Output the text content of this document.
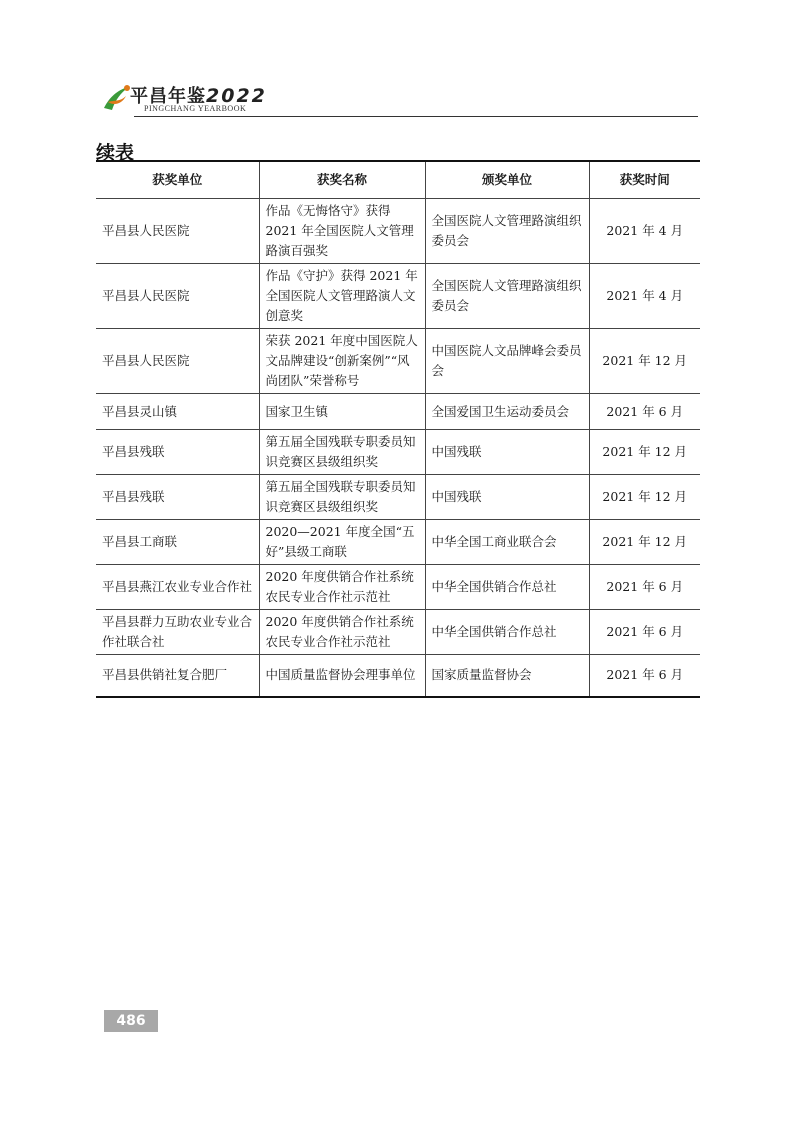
平昌年鉴2022
PINGCHANG YEARBOOK
续表
获奖单位	获奖名称	颁奖单位	获奖时间
平昌县人民医院	作品《无悔恪守》获得 2021 年全国医院人文管理路演百强奖	全国医院人文管理路演组织委员会	2021 年 4 月
平昌县人民医院	作品《守护》获得 2021 年全国医院人文管理路演人文创意奖	全国医院人文管理路演组织委员会	2021 年 4 月
平昌县人民医院	荣获 2021 年度中国医院人文品牌建设“创新案例”“风尚团队”荣誉称号	中国医院人文品牌峰会委员会	2021 年 12 月
平昌县灵山镇	国家卫生镇	全国爱国卫生运动委员会	2021 年 6 月
平昌县残联	第五届全国残联专职委员知识竞赛区县级组织奖	中国残联	2021 年 12 月
平昌县残联	第五届全国残联专职委员知识竞赛区县级组织奖	中国残联	2021 年 12 月
平昌县工商联	2020—2021 年度全国“五好”县级工商联	中华全国工商业联合会	2021 年 12 月
平昌县燕江农业专业合作社	2020 年度供销合作社系统农民专业合作社示范社	中华全国供销合作总社	2021 年 6 月
平昌县群力互助农业专业合作社联合社	2020 年度供销合作社系统农民专业合作社示范社	中华全国供销合作总社	2021 年 6 月
平昌县供销社复合肥厂	中国质量监督协会理事单位	国家质量监督协会	2021 年 6 月
486
